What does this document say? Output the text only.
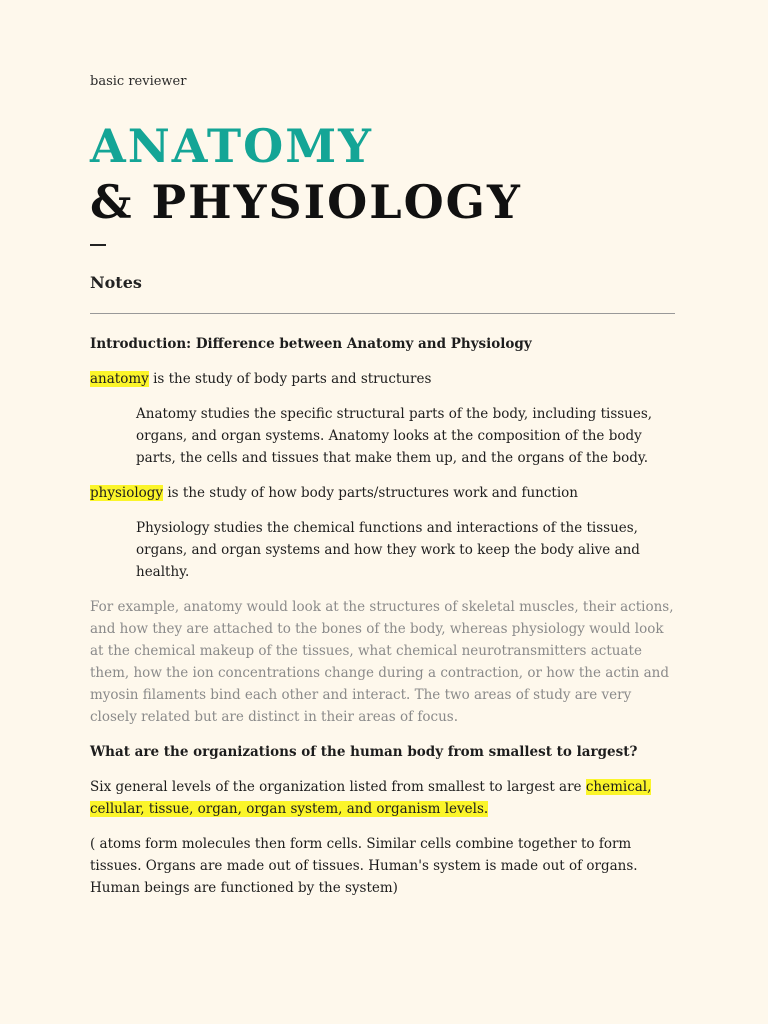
basic reviewer
ANATOMY
& PHYSIOLOGY
Notes

Introduction: Difference between Anatomy and Physiology

anatomy is the study of body parts and structures

Anatomy studies the specific structural parts of the body, including tissues, organs, and organ systems. Anatomy looks at the composition of the body parts, the cells and tissues that make them up, and the organs of the body.

physiology is the study of how body parts/structures work and function

Physiology studies the chemical functions and interactions of the tissues, organs, and organ systems and how they work to keep the body alive and healthy.

For example, anatomy would look at the structures of skeletal muscles, their actions, and how they are attached to the bones of the body, whereas physiology would look at the chemical makeup of the tissues, what chemical neurotransmitters actuate them, how the ion concentrations change during a contraction, or how the actin and myosin filaments bind each other and interact. The two areas of study are very closely related but are distinct in their areas of focus.

What are the organizations of the human body from smallest to largest?

Six general levels of the organization listed from smallest to largest are chemical, cellular, tissue, organ, organ system, and organism levels.

( atoms form molecules then form cells. Similar cells combine together to form tissues. Organs are made out of tissues. Human's system is made out of organs. Human beings are functioned by the system)
